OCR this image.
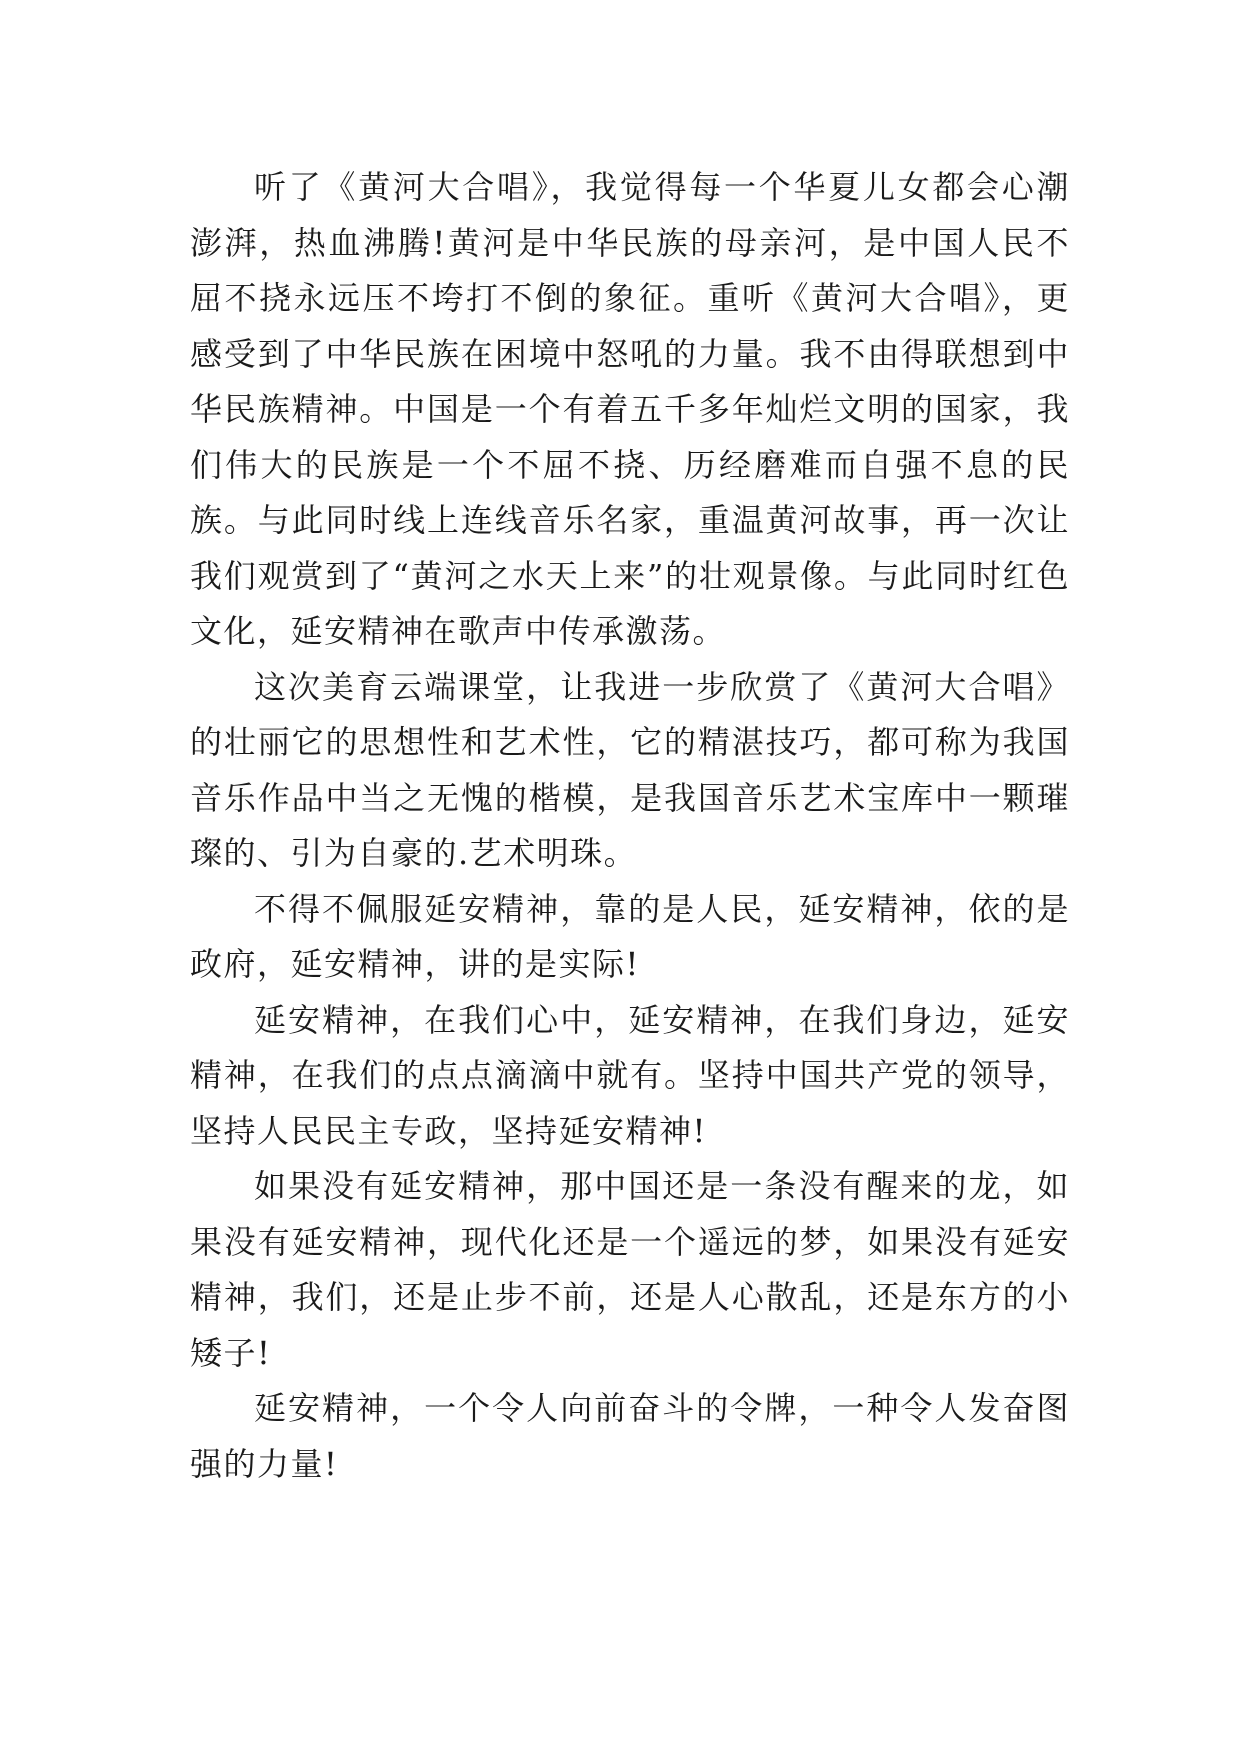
听了《黄河大合唱》，我觉得每一个华夏儿女都会心潮澎湃，热血沸腾!黄河是中华民族的母亲河，是中国人民不屈不挠永远压不垮打不倒的象征。重听《黄河大合唱》，更感受到了中华民族在困境中怒吼的力量。我不由得联想到中华民族精神。中国是一个有着五千多年灿烂文明的国家，我们伟大的民族是一个不屈不挠、历经磨难而自强不息的民族。与此同时线上连线音乐名家，重温黄河故事，再一次让我们观赏到了“黄河之水天上来”的壮观景像。与此同时红色文化，延安精神在歌声中传承激荡。

这次美育云端课堂，让我进一步欣赏了《黄河大合唱》的壮丽它的思想性和艺术性，它的精湛技巧，都可称为我国音乐作品中当之无愧的楷模，是我国音乐艺术宝库中一颗璀璨的、引为自豪的.艺术明珠。

不得不佩服延安精神，靠的是人民，延安精神，依的是政府，延安精神，讲的是实际!

延安精神，在我们心中，延安精神，在我们身边，延安精神，在我们的点点滴滴中就有。坚持中国共产党的领导，坚持人民民主专政，坚持延安精神!

如果没有延安精神，那中国还是一条没有醒来的龙，如果没有延安精神，现代化还是一个遥远的梦，如果没有延安精神，我们，还是止步不前，还是人心散乱，还是东方的小矮子!

延安精神，一个令人向前奋斗的令牌，一种令人发奋图强的力量!
